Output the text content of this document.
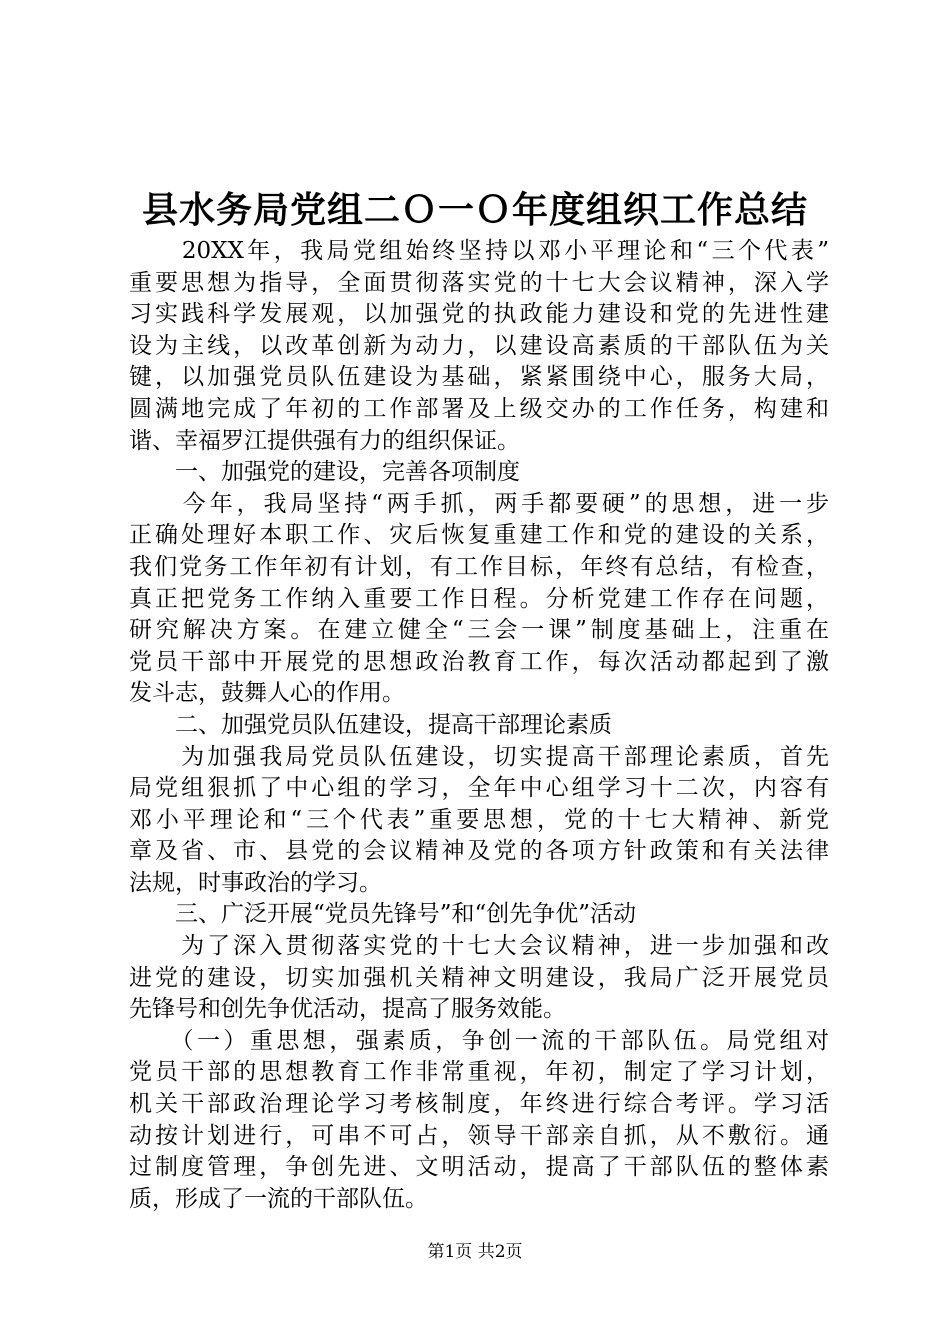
县水务局党组二Ｏ一Ｏ年度组织工作总结
　　20XX年，我局党组始终坚持以邓小平理论和“三个代表”
重要思想为指导，全面贯彻落实党的十七大会议精神，深入学
习实践科学发展观，以加强党的执政能力建设和党的先进性建
设为主线，以改革创新为动力，以建设高素质的干部队伍为关
键，以加强党员队伍建设为基础，紧紧围绕中心，服务大局，
圆满地完成了年初的工作部署及上级交办的工作任务，构建和
谐、幸福罗江提供强有力的组织保证。
　　一、加强党的建设，完善各项制度
　　今年，我局坚持“两手抓，两手都要硬”的思想，进一步
正确处理好本职工作、灾后恢复重建工作和党的建设的关系，
我们党务工作年初有计划，有工作目标，年终有总结，有检查，
真正把党务工作纳入重要工作日程。分析党建工作存在问题，
研究解决方案。在建立健全“三会一课”制度基础上，注重在
党员干部中开展党的思想政治教育工作，每次活动都起到了激
发斗志，鼓舞人心的作用。
　　二、加强党员队伍建设，提高干部理论素质
　　为加强我局党员队伍建设，切实提高干部理论素质，首先
局党组狠抓了中心组的学习，全年中心组学习十二次，内容有
邓小平理论和“三个代表”重要思想，党的十七大精神、新党
章及省、市、县党的会议精神及党的各项方针政策和有关法律
法规，时事政治的学习。
　　三、广泛开展“党员先锋号”和“创先争优”活动
　　为了深入贯彻落实党的十七大会议精神，进一步加强和改
进党的建设，切实加强机关精神文明建设，我局广泛开展党员
先锋号和创先争优活动，提高了服务效能。
　　（一）重思想，强素质，争创一流的干部队伍。局党组对
党员干部的思想教育工作非常重视，年初，制定了学习计划，
机关干部政治理论学习考核制度，年终进行综合考评。学习活
动按计划进行，可串不可占，领导干部亲自抓，从不敷衍。通
过制度管理，争创先进、文明活动，提高了干部队伍的整体素
质，形成了一流的干部队伍。
第1页 共2页
